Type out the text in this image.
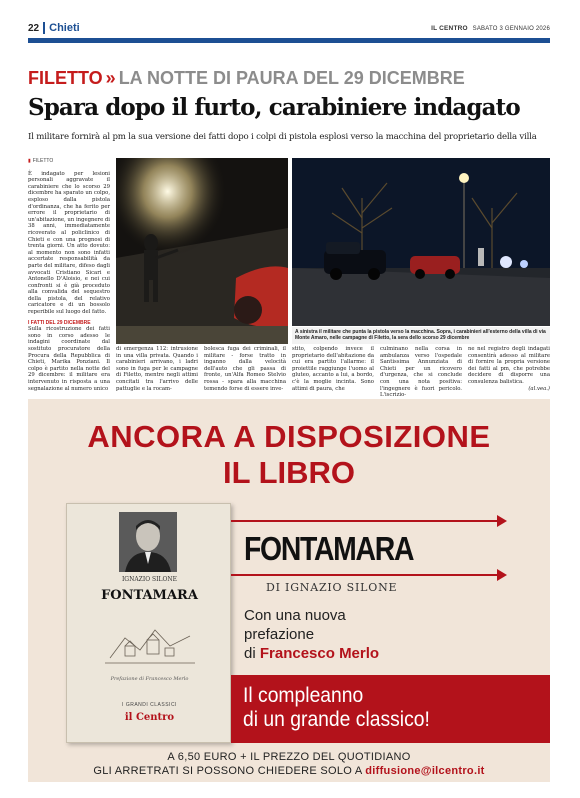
22 Chieti	IL CENTRO SABATO 3 GENNAIO 2026
FILETTO » LA NOTTE DI PAURA DEL 29 DICEMBRE
Spara dopo il furto, carabiniere indagato
Il militare fornirà al pm la sua versione dei fatti dopo i colpi di pistola esplosi verso la macchina del proprietario della villa
▮ FILETTO

È indagato per lesioni personali aggravate il carabiniere che lo scorso 29 dicembre ha sparato un colpo, esploso dalla pistola d'ordinanza, che ha ferito per errore il proprietario di un'abitazione, un ingegnere di 38 anni, immediatamente ricoverato al policlinico di Chieti e con una prognosi di trenta giorni. Un atto dovuto: al momento non sono infatti accertate responsabilità da parte del militare, difeso dagli avvocati Cristiano Sicari e Antonello D'Aloisio, e nei cui confronti si è già proceduto alla convalida del sequestro della pistola, del relativo caricatore e di un bossolo reperibile sul luogo del fatto.

I FATTI DEL 29 DICEMBRE

Sulla ricostruzione dei fatti sono in corso adesso le indagini coordinate dal sostituto procuratore della Procura della Repubblica di Chieti, Marika Ponziani. Il colpo è partito nella notte del 29 dicembre: il militare era intervenuto in risposta a una segnalazione al numero unico

A sinistra il militare che punta la pistola verso la macchina. Sopra, i carabinieri all'esterno della villa di via Monte Amaro, nelle campagne di Filetto, la sera dello scorso 29 dicembre
di emergenza 112: intrusione in una villa privata. Quando i carabinieri arrivano, i ladri sono in fuga per le campagne di Filetto, mentre negli attimi concitati tra l'arrivo delle pattuglie e la rocam-
bolesca fuga dei criminali, il militare - forse tratto in inganno dalla velocità dell'auto che gli passa di fronte, un'Alfa Romeo Stelvio rossa - spara alla macchina temendo forse di essere inve-
stito, colpendo invece il proprietario dell'abitazione da cui era partito l'allarme: il proiettile raggiunge l'uomo al gluteo, accanto a lui, a bordo, c'è la moglie incinta. Sono attimi di paura, che
culminano nella corsa in ambulanza verso l'ospedale Santissima Annunziata di Chieti per un ricovero d'urgenza, che si conclude con una nota positiva: l'ingegnere è fuori pericolo. L'iscrizio-
ne nel registro degli indagati consentirà adesso al militare di fornire la propria versione dei fatti al pm, che potrebbe decidere di disporre una consulenza balistica.
(al.vea.)
ANCORA A DISPOSIZIONE
IL LIBRO
IGNAZIO SILONE
FONTAMARA
Prefazione di Francesco Merlo
I GRANDI CLASSICI
il Centro
FONTAMARA
DI IGNAZIO SILONE
Con una nuova
prefazione
di Francesco Merlo
Il compleanno
di un grande classico!
A 6,50 EURO + IL PREZZO DEL QUOTIDIANO
GLI ARRETRATI SI POSSONO CHIEDERE SOLO A diffusione@ilcentro.it
